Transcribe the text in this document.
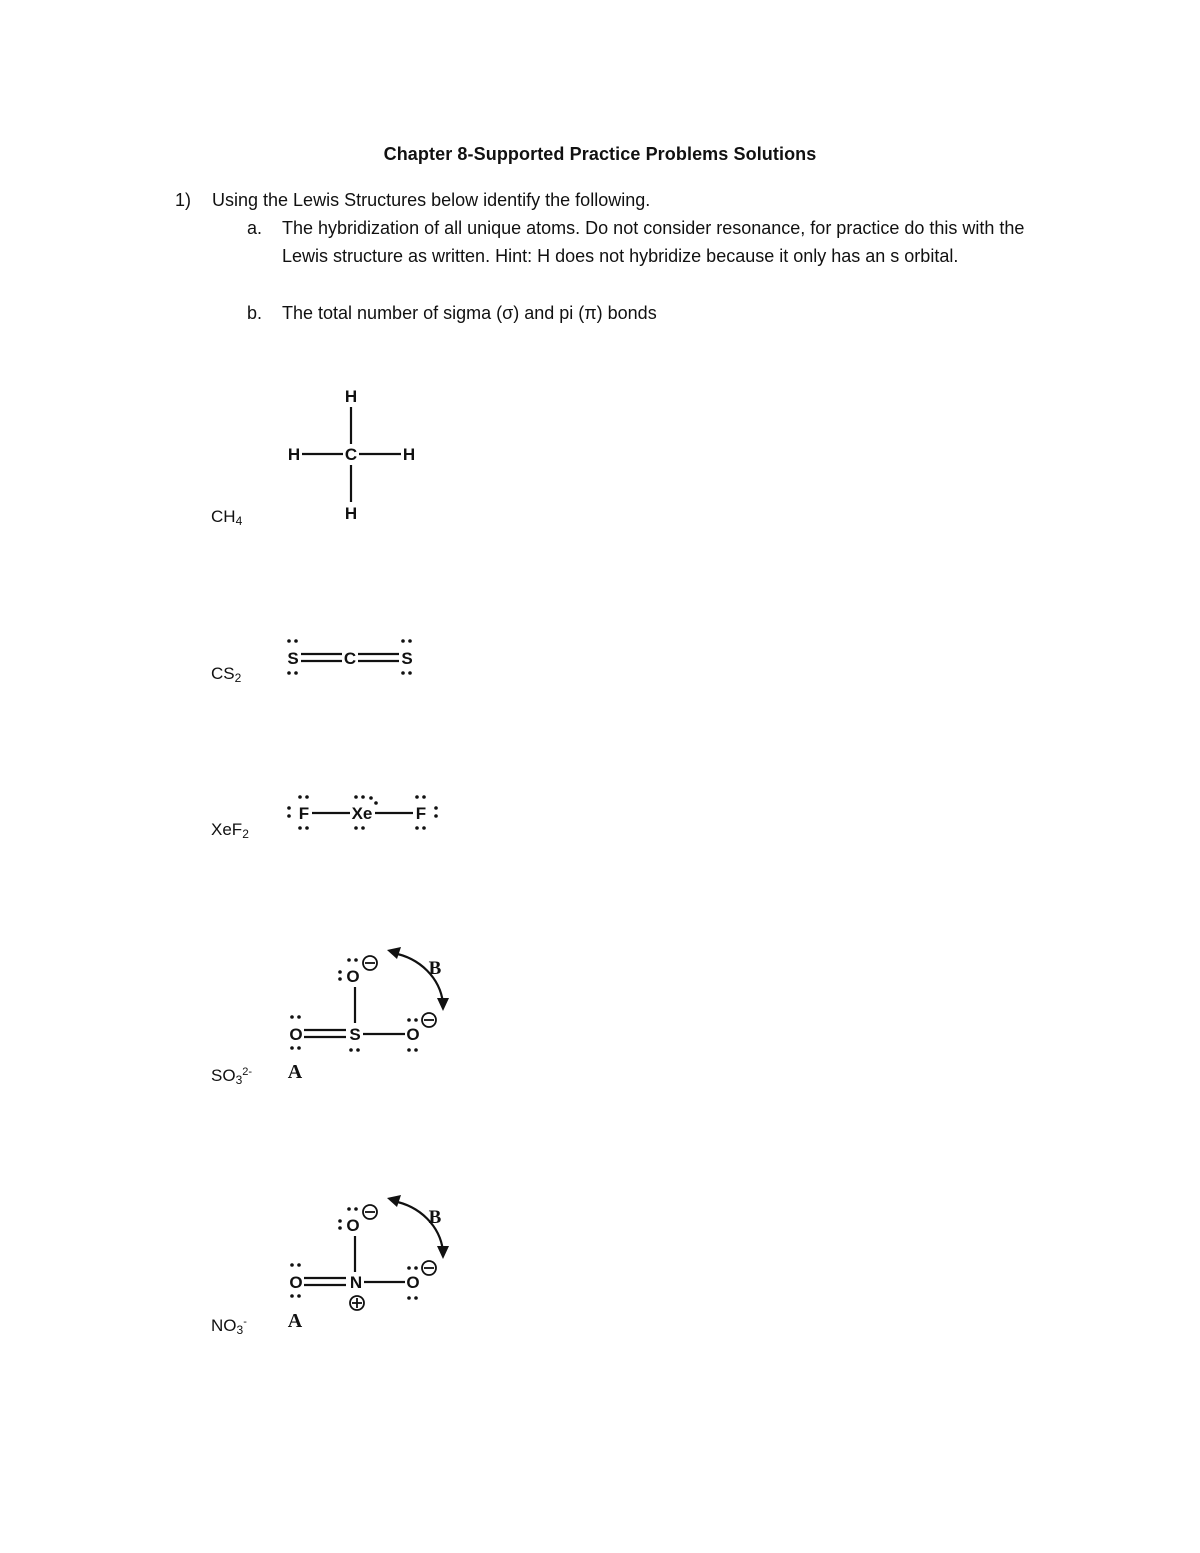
Chapter 8-Supported Practice Problems Solutions
1) Using the Lewis Structures below identify the following.
a. The hybridization of all unique atoms. Do not consider resonance, for practice do this with the Lewis structure as written. Hint: H does not hybridize because it only has an s orbital.
b. The total number of sigma (σ) and pi (π) bonds
$CH_4$
$CS_2$
XeF$_2$
$SO_3^{2-}$
$NO_3^-$
H
H	C	H
H
S	C	S
F Xe	F
O
O	S	O
B
A
O
O	N	O
B
A
